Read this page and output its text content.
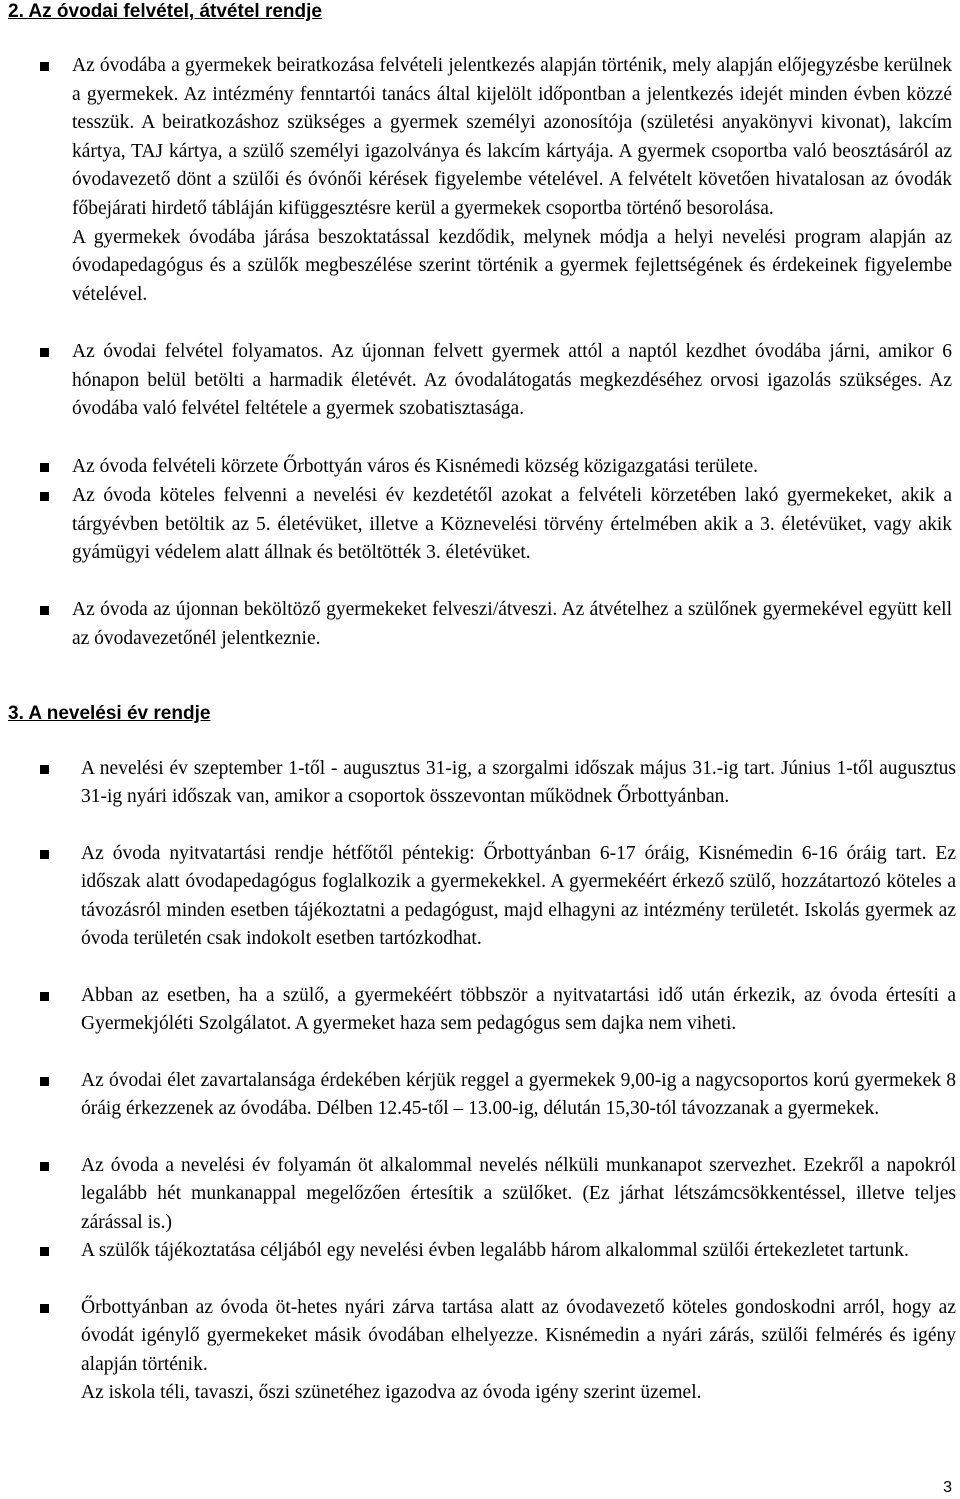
2. Az óvodai felvétel, átvétel rendje
Az óvodába a gyermekek beiratkozása felvételi jelentkezés alapján történik, mely alapján előjegyzésbe kerülnek a gyermekek. Az intézmény fenntartói tanács által kijelölt időpontban a jelentkezés idejét minden évben közzé tesszük. A beiratkozáshoz szükséges a gyermek személyi azonosítója (születési anyakönyvi kivonat), lakcím kártya, TAJ kártya, a szülő személyi igazolványa és lakcím kártyája. A gyermek csoportba való beosztásáról az óvodavezető dönt a szülői és óvónői kérések figyelembe vételével. A felvételt követően hivatalosan az óvodák főbejárati hirdető tábláján kifüggesztésre kerül a gyermekek csoportba történő besorolása.
A gyermekek óvodába járása beszoktatással kezdődik, melynek módja a helyi nevelési program alapján az óvodapedagógus és a szülők megbeszélése szerint történik a gyermek fejlettségének és érdekeinek figyelembe vételével.
Az óvodai felvétel folyamatos. Az újonnan felvett gyermek attól a naptól kezdhet óvodába járni, amikor 6 hónapon belül betölti a harmadik életévét. Az óvodalátogatás megkezdéséhez orvosi igazolás szükséges. Az óvodába való felvétel feltétele a gyermek szobatisztasága.
Az óvoda felvételi körzete Őrbottyán város és Kisnémedi község közigazgatási területe.
Az óvoda köteles felvenni a nevelési év kezdetétől azokat a felvételi körzetében lakó gyermekeket, akik a tárgyévben betöltik az 5. életévüket, illetve a Köznevelési törvény értelmében akik a 3. életévüket, vagy akik gyámügyi védelem alatt állnak és betöltötték 3. életévüket.
Az óvoda az újonnan beköltöző gyermekeket felveszi/átveszi. Az átvételhez a szülőnek gyermekével együtt kell az óvodavezetőnél jelentkeznie.
3. A nevelési év rendje
A nevelési év szeptember 1-től - augusztus 31-ig, a szorgalmi időszak május 31.-ig tart. Június 1-től augusztus 31-ig nyári időszak van, amikor a csoportok összevontan működnek Őrbottyánban.
Az óvoda nyitvatartási rendje hétfőtől péntekig: Őrbottyánban 6-17 óráig, Kisnémedin 6-16 óráig tart. Ez időszak alatt óvodapedagógus foglalkozik a gyermekekkel. A gyermekéért érkező szülő, hozzátartozó köteles a távozásról minden esetben tájékoztatni a pedagógust, majd elhagyni az intézmény területét. Iskolás gyermek az óvoda területén csak indokolt esetben tartózkodhat.
Abban az esetben, ha a szülő, a gyermekéért többször a nyitvatartási idő után érkezik, az óvoda értesíti a Gyermekjóléti Szolgálatot. A gyermeket haza sem pedagógus sem dajka nem viheti.
Az óvodai élet zavartalansága érdekében kérjük reggel a gyermekek 9,00-ig a nagycsoportos korú gyermekek 8 óráig érkezzenek az óvodába. Délben 12.45-től – 13.00-ig, délután 15,30-tól távozzanak a gyermekek.
Az óvoda a nevelési év folyamán öt alkalommal nevelés nélküli munkanapot szervezhet. Ezekről a napokról legalább hét munkanappal megelőzően értesítik a szülőket. (Ez járhat létszámcsökkentéssel, illetve teljes zárással is.)
A szülők tájékoztatása céljából egy nevelési évben legalább három alkalommal szülői értekezletet tartunk.
Őrbottyánban az óvoda öt-hetes nyári zárva tartása alatt az óvodavezető köteles gondoskodni arról, hogy az óvodát igénylő gyermekeket másik óvodában elhelyezze. Kisnémedin a nyári zárás, szülői felmérés és igény alapján történik.
Az iskola téli, tavaszi, őszi szünetéhez igazodva az óvoda igény szerint üzemel.
3
